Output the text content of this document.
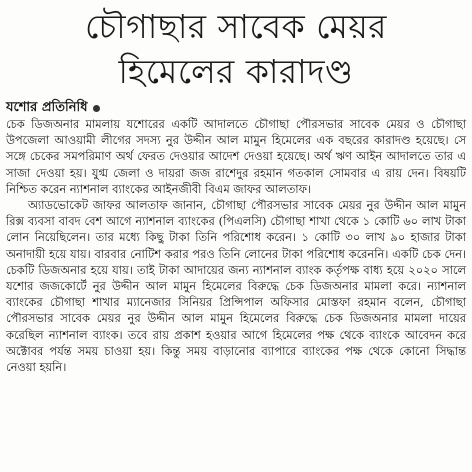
চৌগাছার সাবেক মেয়র
হিমেলের কারাদণ্ড
যশোর প্রতিনিধি

চেক ডিজঅনার মামলায় যশোরের একটি আদালতে চৌগাছা পৌরসভার সাবেক মেয়র ও চৌগাছা উপজেলা আওয়ামী লীগের সদস্য নুর উদ্দীন আল মামুন হিমেলের এক বছরের কারাদণ্ড হয়েছে। সে সঙ্গে চেকের সমপরিমাণ অর্থ ফেরত দেওয়ার আদেশ দেওয়া হয়েছে। অর্থ ঋণ আইন আদালতে তার এ সাজা দেওয়া হয়। যুগ্ম জেলা ও দায়রা জজ রাশেদুর রহমান গতকাল সোমবার এ রায় দেন। বিষয়টি নিশ্চিত করেন ন্যাশনাল ব্যাংকের আইনজীবী বিএম জাফর আলতাফ।

অ্যাডভোকেট জাফর আলতাফ জানান, চৌগাছা পৌরসভার সাবেক মেয়র নুর উদ্দীন আল মামুন রিক্স ব্যবসা বাবদ বেশ আগে ন্যাশনাল ব্যাংকের (পিএলসি) চৌগাছা শাখা থেকে ১ কোটি ৬০ লাখ টাকা লোন নিয়েছিলেন। তার মধ্যে কিছু টাকা তিনি পরিশোধ করেন। ১ কোটি ৩০ লাখ ৯০ হাজার টাকা অনাদায়ী হয়ে যায়। বারবার নোটিশ করার পরও তিনি লোনের টাকা পরিশোধ করেননি। একটি চেক দেন। চেকটি ডিজঅনার হয়ে যায়। তাই টাকা আদায়ের জন্য ন্যাশনাল ব্যাংক কর্তৃপক্ষ বাধ্য হয়ে ২০২০ সালে যশোর জজকোর্টে নুর উদ্দীন আল মামুন হিমেলের বিরুদ্ধে চেক ডিজঅনার মামলা করে। ন্যাশনাল ব্যাংকের চৌগাছা শাখার ম্যানেজার সিনিয়র প্রিন্সিপাল অফিসার মোস্তফা রহমান বলেন, চৌগাছা পৌরসভার সাবেক মেয়র নুর উদ্দীন আল মামুন হিমেলের বিরুদ্ধে চেক ডিজঅনার মামলা দায়ের করেছিল ন্যাশনাল ব্যাংক। তবে রায় প্রকাশ হওয়ার আগে হিমেলের পক্ষ থেকে ব্যাংকে আবেদন করে অক্টোবর পর্যন্ত সময় চাওয়া হয়। কিন্তু সময় বাড়ানোর ব্যাপারে ব্যাংকের পক্ষ থেকে কোনো সিদ্ধান্ত নেওয়া হয়নি।
